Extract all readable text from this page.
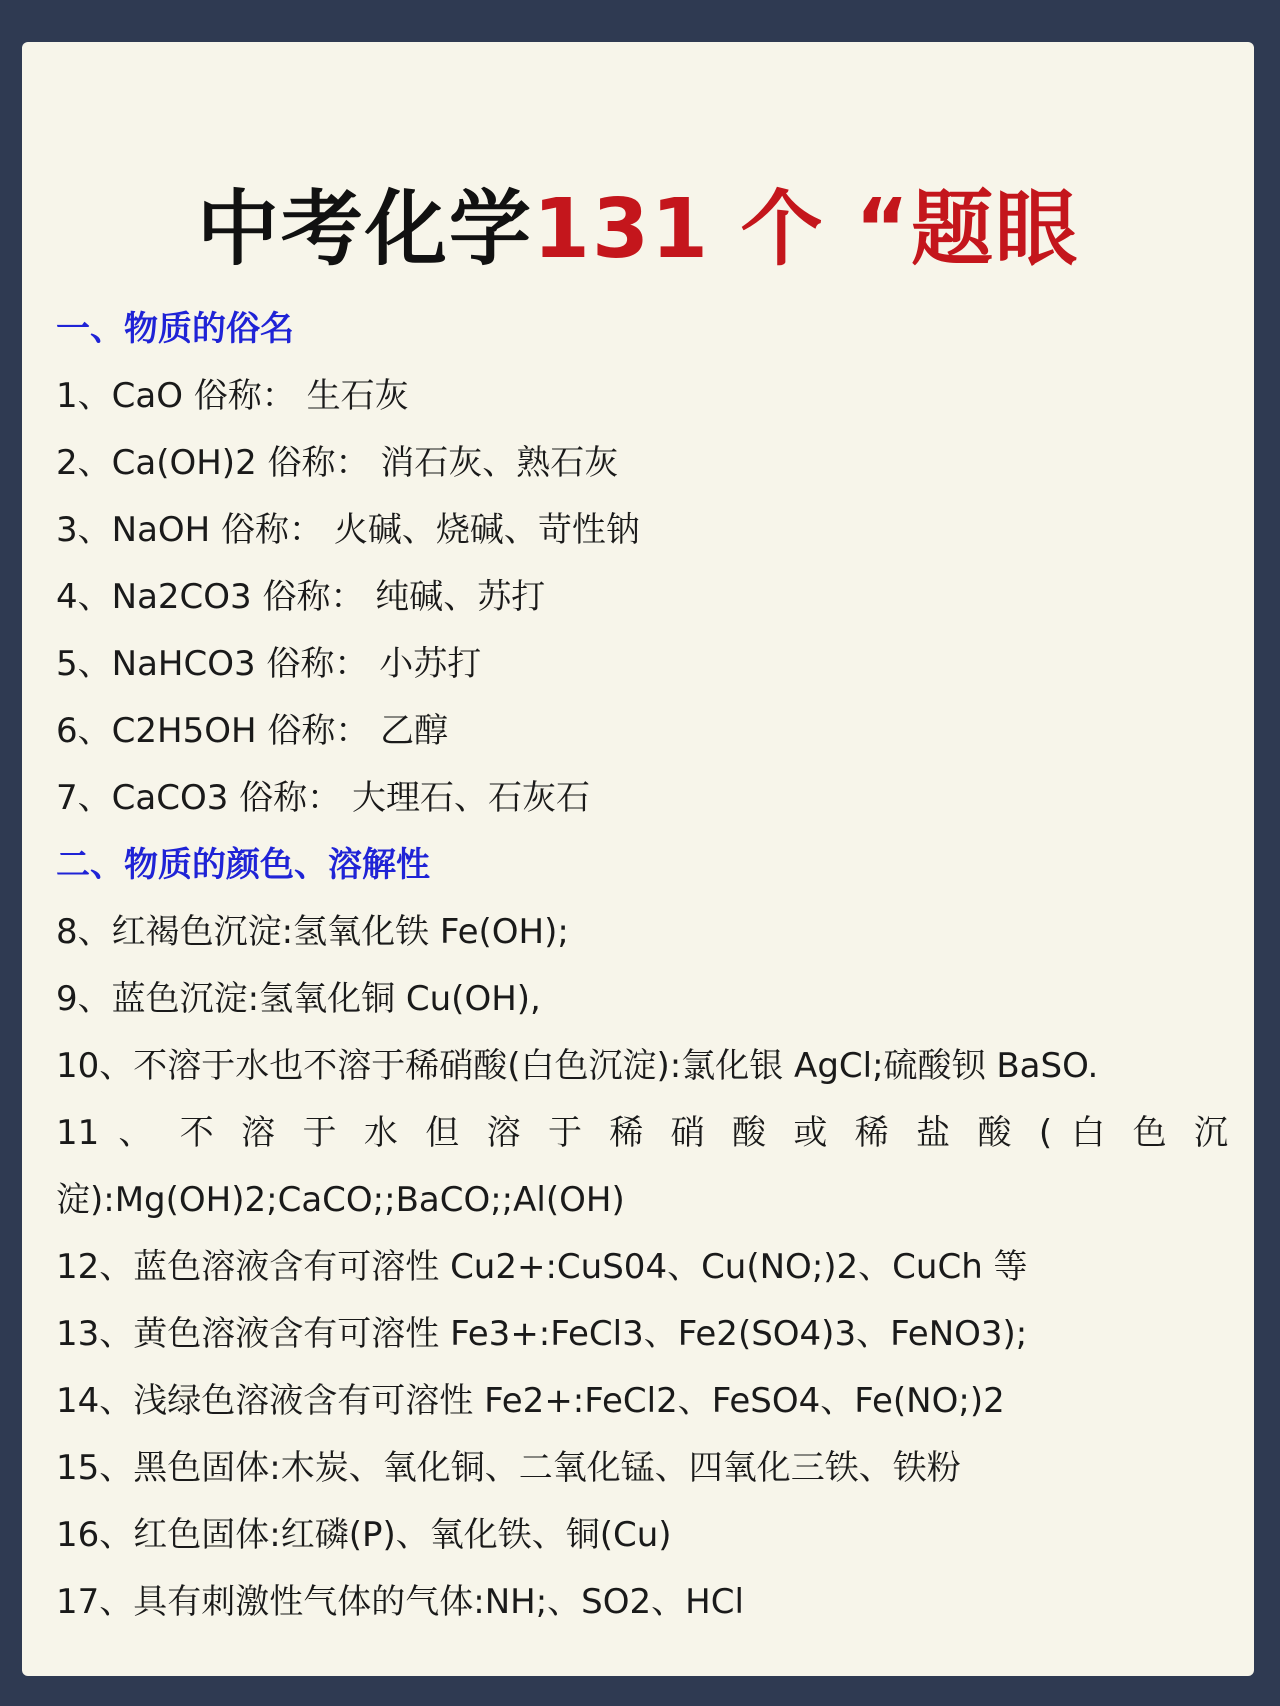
中考化学131 个 “题眼
一、物质的俗名
1、CaO 俗称： 生石灰
2、Ca(OH)2 俗称： 消石灰、熟石灰
3、NaOH 俗称： 火碱、烧碱、苛性钠
4、Na2CO3 俗称： 纯碱、苏打
5、NaHCO3 俗称： 小苏打
6、C2H5OH 俗称： 乙醇
7、CaCO3 俗称： 大理石、石灰石
二、物质的颜色、溶解性
8、红褐色沉淀:氢氧化铁 Fe(OH);
9、蓝色沉淀:氢氧化铜 Cu(OH),
10、不溶于水也不溶于稀硝酸(白色沉淀):氯化银 AgCl;硫酸钡 BaSO.
11 、 不 溶 于 水 但 溶 于 稀 硝 酸 或 稀 盐 酸 ( 白 色 沉
淀):Mg(OH)2;CaCO;;BaCO;;Al(OH)
12、蓝色溶液含有可溶性 Cu2+:CuS04、Cu(NO;)2、CuCh 等
13、黄色溶液含有可溶性 Fe3+:FeCl3、Fe2(SO4)3、FeNO3);
14、浅绿色溶液含有可溶性 Fe2+:FeCl2、FeSO4、Fe(NO;)2
15、黑色固体:木炭、氧化铜、二氧化锰、四氧化三铁、铁粉
16、红色固体:红磷(P)、氧化铁、铜(Cu)
17、具有刺激性气体的气体:NH;、SO2、HCl
